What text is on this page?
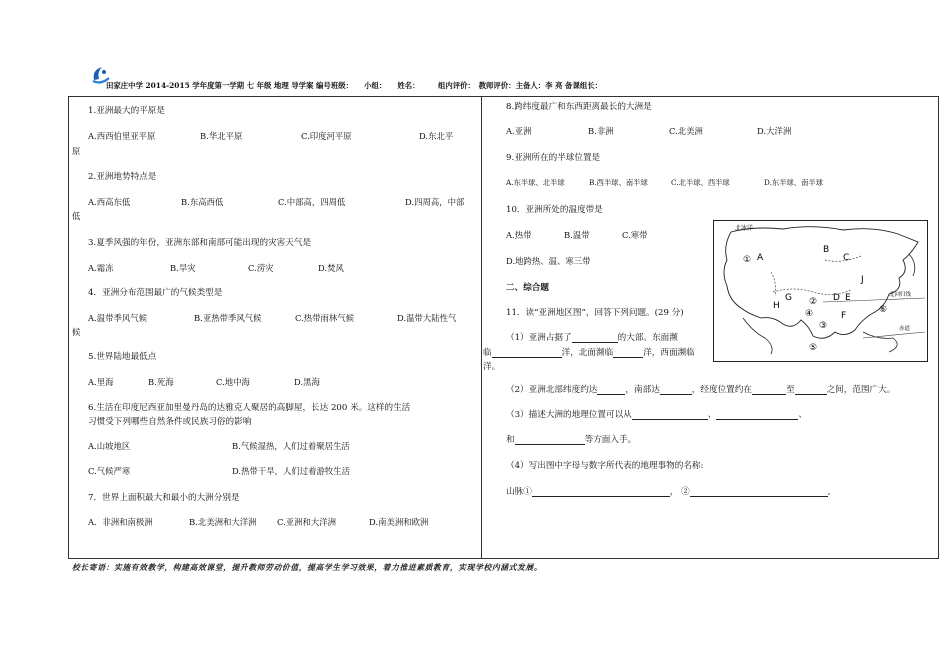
田家庄中学 2014-2015 学年度第一学期 七 年级 地理 导学案 编号班级：　　小组：　　姓名：　　　组内评价：　教师评价：主备人：李 亮 备课组长：
1.亚洲最大的平原是
A.西西伯里亚平原	B.华北平原	C.印度河平原	D.东北平
原
2.亚洲地势特点是
A.西高东低	B.东高西低	C.中部高，四周低	D.四周高，中部
低
3.夏季风强的年份，亚洲东部和南部可能出现的灾害天气是
A.霜冻	B.旱灾	C.涝灾	D.焚风
4．亚洲分布范围最广的气候类型是
A.温带季风气候	B.亚热带季风气候	C.热带雨林气候	D.温带大陆性气
候
5.世界陆地最低点
A.里海	B.死海	C.地中海	D.黑海
6.生活在印度尼西亚加里曼丹岛的达雅克人聚居的高脚屋，长达 200 米。这样的生活
习惯受下列哪些自然条件或民族习俗的影响
A.山坡地区	B.气候湿热，人们过着聚居生活
C.气候严寒	D.热带干旱，人们过着游牧生活
7．世界上面积最大和最小的大洲分别是
A．非洲和南极洲	B.北美洲和大洋洲 C.亚洲和大洋洲	D.南美洲和欧洲
8.跨纬度最广和东西距离最长的大洲是
A.亚洲	B.非洲	C.北美洲	D.大洋洲
9.亚洲所在的半球位置是
A.东半球、北半球	B.西半球、南半球	C.北半球、西半球	D.东半球、南半球
10．亚洲所处的温度带是
A.热带	B.温带	C.寒带
D.地跨热、温、寒三带
二、综合题
11．读“亚洲地区图”，回答下列问题。(29 分)
（1）亚洲占据了	的大部。东面濒
临	洋，北面濒临	洋，西面濒临
洋。
（2）亚洲北部纬度约达	，南部达	，经度位置约在	至	之间，范围广大。
（3）描述大洲的地理位置可以从	、	、
和	等方面入手。
（4）写出图中字母与数字所代表的地理事物的名称:
山脉①	， ②	,
北冰洋
北回归线
赤道
A
B
C
D E
F
G
H
J
①
②
③
④
⑤
⑥
校长寄语：实施有效教学，构建高效课堂，提升教师劳动价值，提高学生学习效果，着力推进素质教育，实现学校内涵式发展。
